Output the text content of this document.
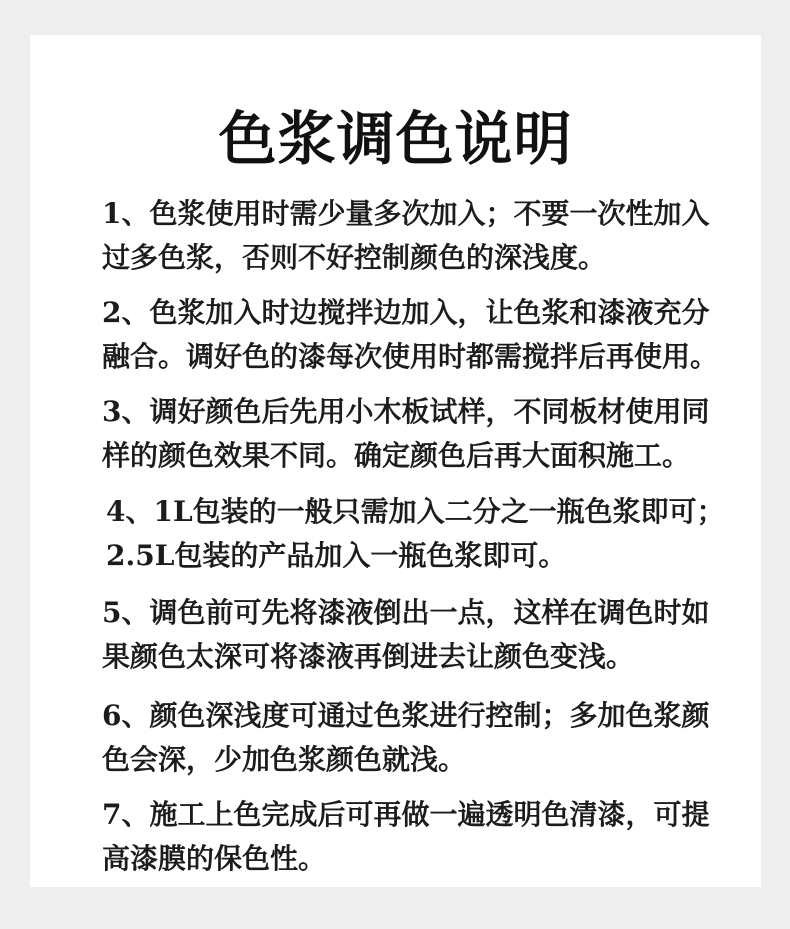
色浆调色说明
1、色浆使用时需少量多次加入；不要一次性加入
过多色浆，否则不好控制颜色的深浅度。
2、色浆加入时边搅拌边加入，让色浆和漆液充分
融合。调好色的漆每次使用时都需搅拌后再使用。
3、调好颜色后先用小木板试样，不同板材使用同
样的颜色效果不同。确定颜色后再大面积施工。
4、1L包装的一般只需加入二分之一瓶色浆即可；
2.5L包装的产品加入一瓶色浆即可。
5、调色前可先将漆液倒出一点，这样在调色时如
果颜色太深可将漆液再倒进去让颜色变浅。
6、颜色深浅度可通过色浆进行控制；多加色浆颜
色会深，少加色浆颜色就浅。
7、施工上色完成后可再做一遍透明色清漆，可提
高漆膜的保色性。
